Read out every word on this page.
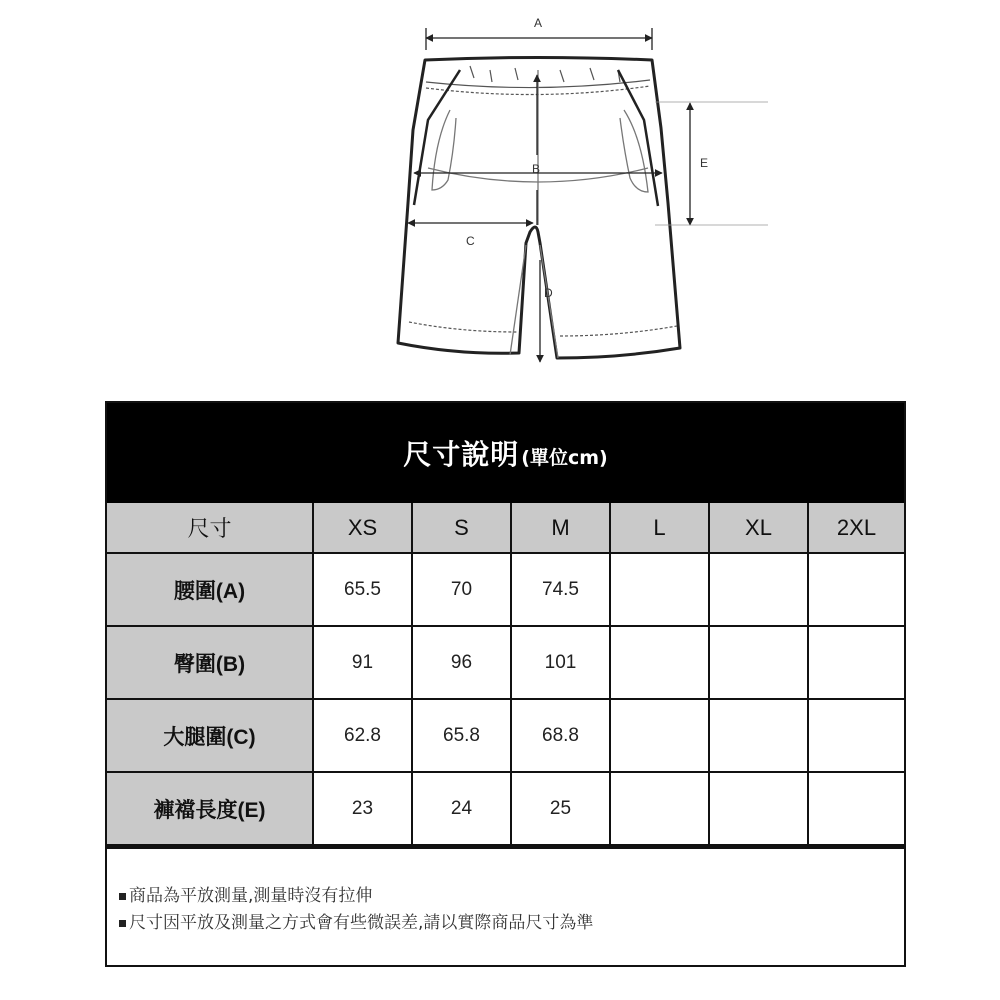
A
B
C
D
E
尺寸說明 (單位cm)
尺寸	XS	S	M	L	XL	2XL
腰圍(A)	65.5	70	74.5			
臀圍(B)	91	96	101			
大腿圍(C)	62.8	65.8	68.8			
褲襠長度(E)	23	24	25			
商品為平放測量,測量時沒有拉伸
尺寸因平放及測量之方式會有些微誤差,請以實際商品尺寸為準
